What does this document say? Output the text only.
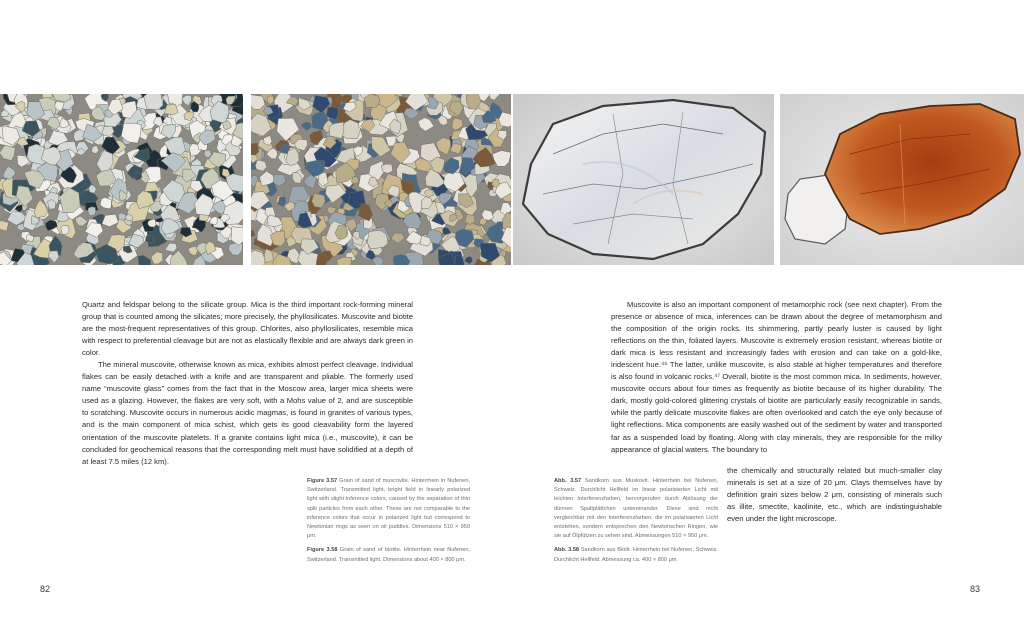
Quartz and feldspar belong to the silicate group. Mica is the third important rock-forming mineral group that is counted among the silicates; more precisely, the phyllosilicates. Muscovite and biotite are the most-frequent representatives of this group. Chlorites, also phyllosilicates, resemble mica with respect to preferential cleavage but are not as elastically flexible and are always dark green in color.

The mineral muscovite, otherwise known as mica, exhibits almost perfect cleavage. Individual flakes can be easily detached with a knife and are transparent and pliable. The formerly used name “muscovite glass” comes from the fact that in the Moscow area, larger mica sheets were used as a glazing. However, the flakes are very soft, with a Mohs value of 2, and are susceptible to scratching. Muscovite occurs in numerous acidic magmas, is found in granites of various types, and is the main component of mica schist, which gets its good cleavability form the layered orientation of the muscovite platelets. If a granite contains light mica (i.e., muscovite), it can be concluded for geochemical reasons that the corresponding melt must have solidified at a depth of at least 7.5 miles (12 km).

Figure 3.57 Grain of sand of muscovite. Hinterrhein in Nufenen, Switzerland. Transmitted light, bright field in linearly polarized light with slight inference colors, caused by the separation of thin split particles from each other. These are not comparable to the inference colors that occur in polarized light but correspond to Newtonian rings as seen on oil puddles. Dimensions 510 × 950 μm.

Figure 3.58 Grain of sand of biotite. Hinterrhein near Nufenen, Switzerland. Transmitted light. Dimensions about 400 × 800 μm.

Abb. 3.57 Sandkorn aus Muskovit. Hinterrhein bei Nufenen, Schweiz. Durchlicht Hellfeld im linear polarisierten Licht mit leichten Interferenzfarben, hervorgerufen durch Ablösung der dünnen Spaltplättchen untereinander. Diese sind nicht vergleichbar mit den Interferenzfarben, die im polarisierten Licht entstehen, sondern entsprechen den Newtonschen Ringen, wie sie auf Ölpfützen zu sehen sind. Abmessungen 510 × 950 μm.

Abb. 3.58 Sandkorn aus Biotit. Hinterrhein bei Nufenen, Schweiz. Durchlicht Hellfeld. Abmessung ca. 400 × 800 μm.

Muscovite is also an important component of metamorphic rock (see next chapter). From the presence or absence of mica, inferences can be drawn about the degree of metamorphism and the composition of the origin rocks. Its shimmering, partly pearly luster is caused by light reflections on the thin, foliated layers. Muscovite is extremely erosion resistant, whereas biotite or dark mica is less resistant and increasingly fades with erosion and can take on a gold-like, iridescent hue.⁴⁶ The latter, unlike muscovite, is also stable at higher temperatures and therefore is also found in volcanic rocks.⁴⁷ Overall, biotite is the most common mica. In sediments, however, muscovite occurs about four times as frequently as biotite because of its higher durability. The dark, mostly gold-colored glittering crystals of biotite are particularly easily recognizable in sands, while the partly delicate muscovite flakes are often overlooked and catch the eye only because of light reflections. Mica components are easily washed out of the sediment by water and transported far as a suspended load by floating. Along with clay minerals, they are responsible for the milky appearance of glacial waters. The boundary to

the chemically and structurally related but much-smaller clay minerals is set at a size of 20 μm. Clays themselves have by definition grain sizes below 2 μm, consisting of minerals such as illite, smectite, kaolinite, etc., which are indistinguishable even under the light microscope.

82	83
